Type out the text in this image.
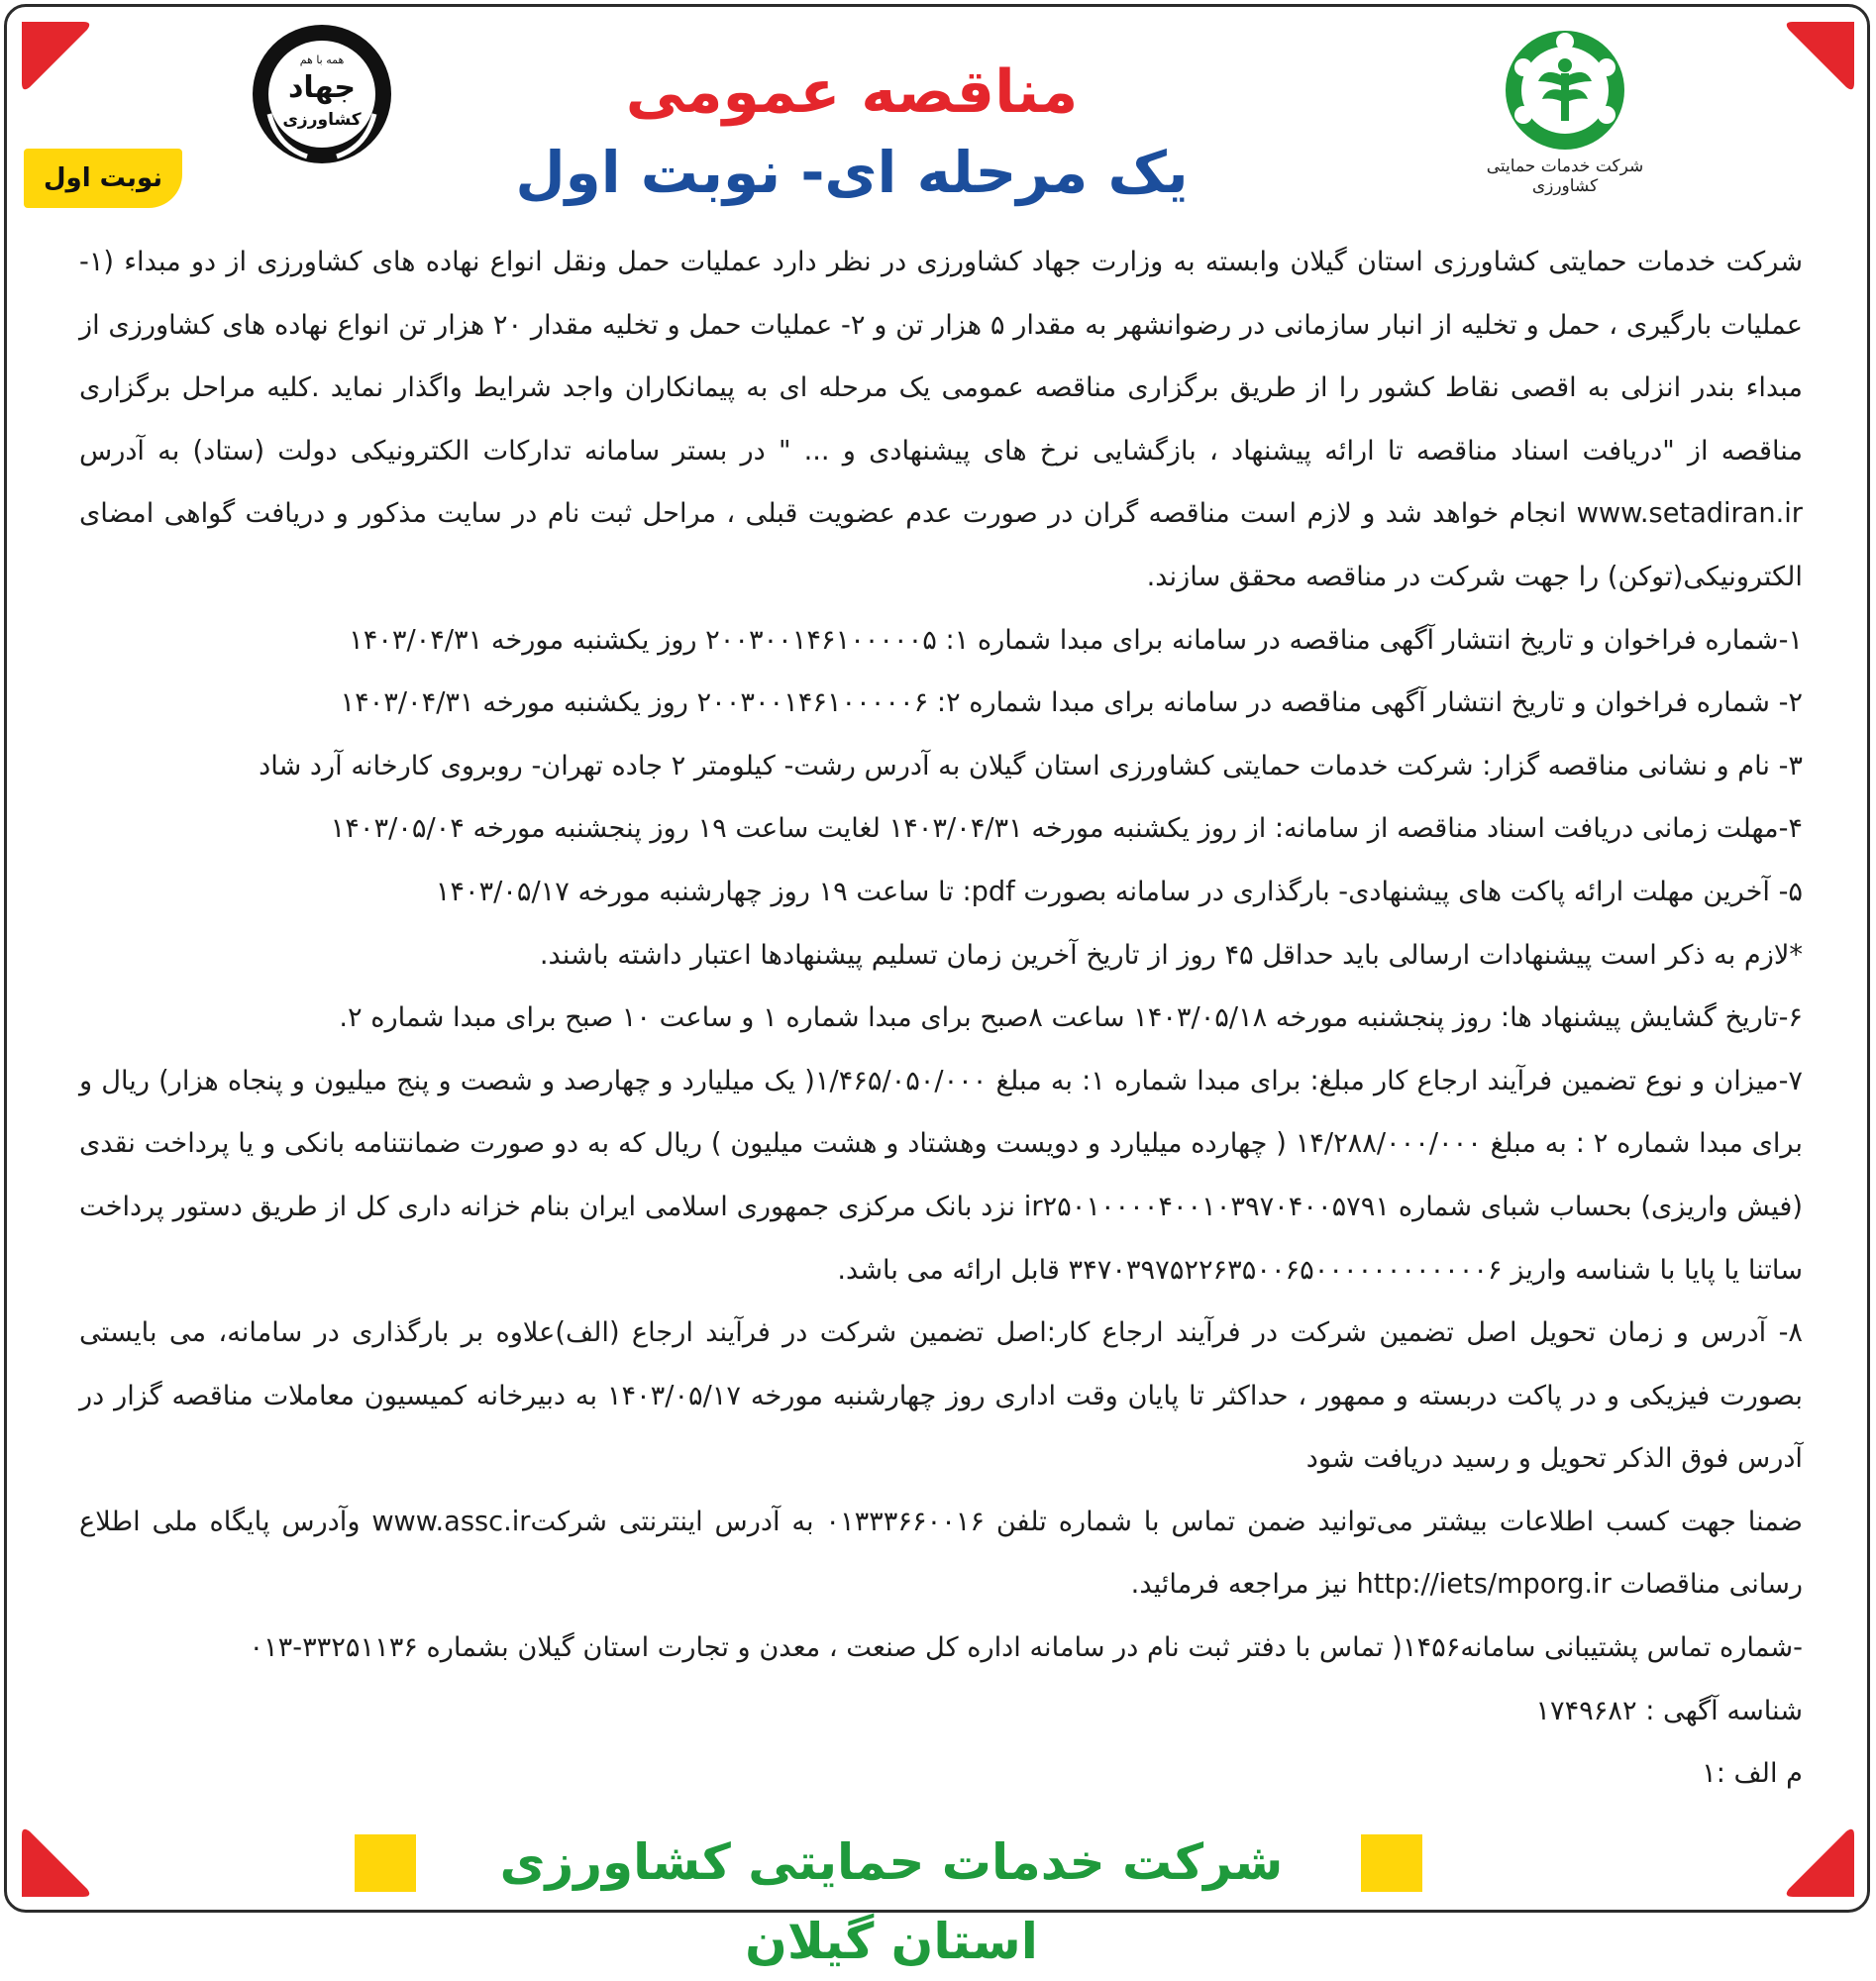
نوبت اول
همه با هم
جهاد
کشاورزی
شرکت خدمات حمایتی کشاورزی
مناقصه عمومی
یک مرحله ای- نوبت اول

شرکت خدمات حمایتی کشاورزی استان گیلان وابسته به وزارت جهاد کشاورزی در نظر دارد عملیات حمل ونقل انواع نهاده های کشاورزی از دو مبداء (۱- عملیات بارگیری ، حمل و تخلیه از انبار سازمانی در رضوانشهر به مقدار ۵ هزار تن و ۲- عملیات حمل و تخلیه مقدار ۲۰ هزار تن انواع نهاده های کشاورزی از مبداء بندر انزلی به اقصی نقاط کشور را از طریق برگزاری مناقصه عمومی یک مرحله ای به پیمانکاران واجد شرایط واگذار نماید .کلیه مراحل برگزاری مناقصه از "دریافت اسناد مناقصه تا ارائه پیشنهاد ، بازگشایی نرخ های پیشنهادی و ... " در بستر سامانه تدارکات الکترونیکی دولت (ستاد) به آدرس www.setadiran.ir انجام خواهد شد و لازم است مناقصه گران در صورت عدم عضویت قبلی ، مراحل ثبت نام در سایت مذکور و دریافت گواهی امضای الکترونیکی(توکن) را جهت شرکت در مناقصه محقق سازند.

۱-شماره فراخوان و تاریخ انتشار آگهی مناقصه در سامانه برای مبدا شماره ۱: ۲۰۰۳۰۰۱۴۶۱۰۰۰۰۰۵ روز یکشنبه مورخه ۱۴۰۳/۰۴/۳۱

۲- شماره فراخوان و تاریخ انتشار آگهی مناقصه در سامانه برای مبدا شماره ۲: ۲۰۰۳۰۰۱۴۶۱۰۰۰۰۰۶ روز یکشنبه مورخه ۱۴۰۳/۰۴/۳۱

۳- نام و نشانی مناقصه گزار: شرکت خدمات حمایتی کشاورزی استان گیلان به آدرس رشت- کیلومتر ۲ جاده تهران- روبروی کارخانه آرد شاد

۴-مهلت زمانی دریافت اسناد مناقصه از سامانه: از روز یکشنبه مورخه ۱۴۰۳/۰۴/۳۱ لغایت ساعت ۱۹ روز پنجشنبه مورخه ۱۴۰۳/۰۵/۰۴

۵- آخرین مهلت ارائه پاکت های پیشنهادی- بارگذاری در سامانه بصورت pdf: تا ساعت ۱۹ روز چهارشنبه مورخه ۱۴۰۳/۰۵/۱۷

*لازم به ذکر است پیشنهادات ارسالی باید حداقل ۴۵ روز از تاریخ آخرین زمان تسلیم پیشنهادها اعتبار داشته باشند.

۶-تاریخ گشایش پیشنهاد ها: روز پنجشنبه مورخه ۱۴۰۳/۰۵/۱۸ ساعت ۸صبح برای مبدا شماره ۱ و ساعت ۱۰ صبح برای مبدا شماره ۲.

۷-میزان و نوع تضمین فرآیند ارجاع کار مبلغ: برای مبدا شماره ۱: به مبلغ ۱/۴۶۵/۰۵۰/۰۰۰( یک میلیارد و چهارصد و شصت و پنج میلیون و پنجاه هزار) ریال و برای مبدا شماره ۲ : به مبلغ ۱۴/۲۸۸/۰۰۰/۰۰۰ ( چهارده میلیارد و دویست وهشتاد و هشت میلیون ) ریال که به دو صورت ضمانتنامه بانکی و یا پرداخت نقدی (فیش واریزی) بحساب شبای شماره ir۲۵۰۱۰۰۰۰۴۰۰۱۰۳۹۷۰۴۰۰۵۷۹۱ نزد بانک مرکزی جمهوری اسلامی ایران بنام خزانه داری کل از طریق دستور پرداخت ساتنا یا پایا با شناسه واریز ۳۴۷۰۳۹۷۵۲۲۶۳۵۰۰۶۵۰۰۰۰۰۰۰۰۰۰۰۰۶ قابل ارائه می باشد.

۸- آدرس و زمان تحویل اصل تضمین شرکت در فرآیند ارجاع کار:اصل تضمین شرکت در فرآیند ارجاع (الف)علاوه بر بارگذاری در سامانه، می بایستی بصورت فیزیکی و در پاکت دربسته و ممهور ، حداکثر تا پایان وقت اداری روز چهارشنبه مورخه ۱۴۰۳/۰۵/۱۷ به دبیرخانه کمیسیون معاملات مناقصه گزار در آدرس فوق الذکر تحویل و رسید دریافت شود

ضمنا جهت کسب اطلاعات بیشتر می‌توانید ضمن تماس با شماره تلفن ۰۱۳۳۳۶۶۰۰۱۶ به آدرس اینترنتی شرکتwww.assc.ir وآدرس پایگاه ملی اطلاع رسانی مناقصات http://iets/mporg.ir نیز مراجعه فرمائید.

-شماره تماس پشتیبانی سامانه۱۴۵۶( تماس با دفتر ثبت نام در سامانه اداره کل صنعت ، معدن و تجارت استان گیلان بشماره ۳۳۲۵۱۱۳۶-۰۱۳

شناسه آگهی : ۱۷۴۹۶۸۲

م الف :۱

شرکت خدمات حمایتی کشاورزی استان گیلان
